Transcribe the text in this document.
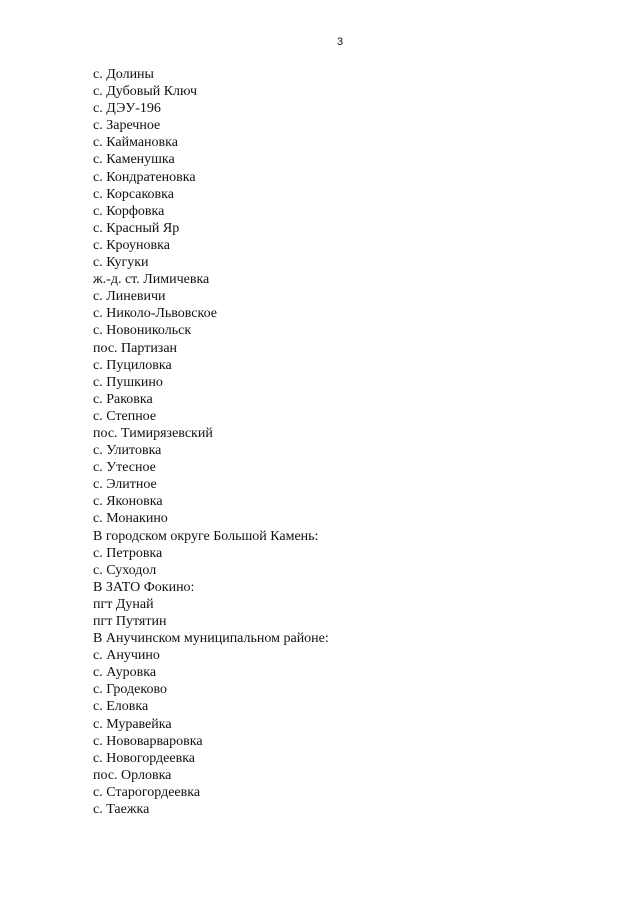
3
с. Долины
с. Дубовый Ключ
с. ДЭУ-196
с. Заречное
с. Каймановка
с. Каменушка
с. Кондратеновка
с. Корсаковка
с. Корфовка
с. Красный Яр
с. Кроуновка
с. Кугуки
ж.-д. ст. Лимичевка
с. Линевичи
с. Николо-Львовское
с. Новоникольск
пос. Партизан
с. Пуциловка
с. Пушкино
с. Раковка
с. Степное
пос. Тимирязевский
с. Улитовка
с. Утесное
с. Элитное
с. Яконовка
с. Монакино
В городском округе Большой Камень:
с. Петровка
с. Суходол
В ЗАТО Фокино:
пгт Дунай
пгт Путятин
В Анучинском муниципальном районе:
с. Анучино
с. Ауровка
с. Гродеково
с. Еловка
с. Муравейка
с. Нововарваровка
с. Новогордеевка
пос. Орловка
с. Старогордеевка
с. Таежка
